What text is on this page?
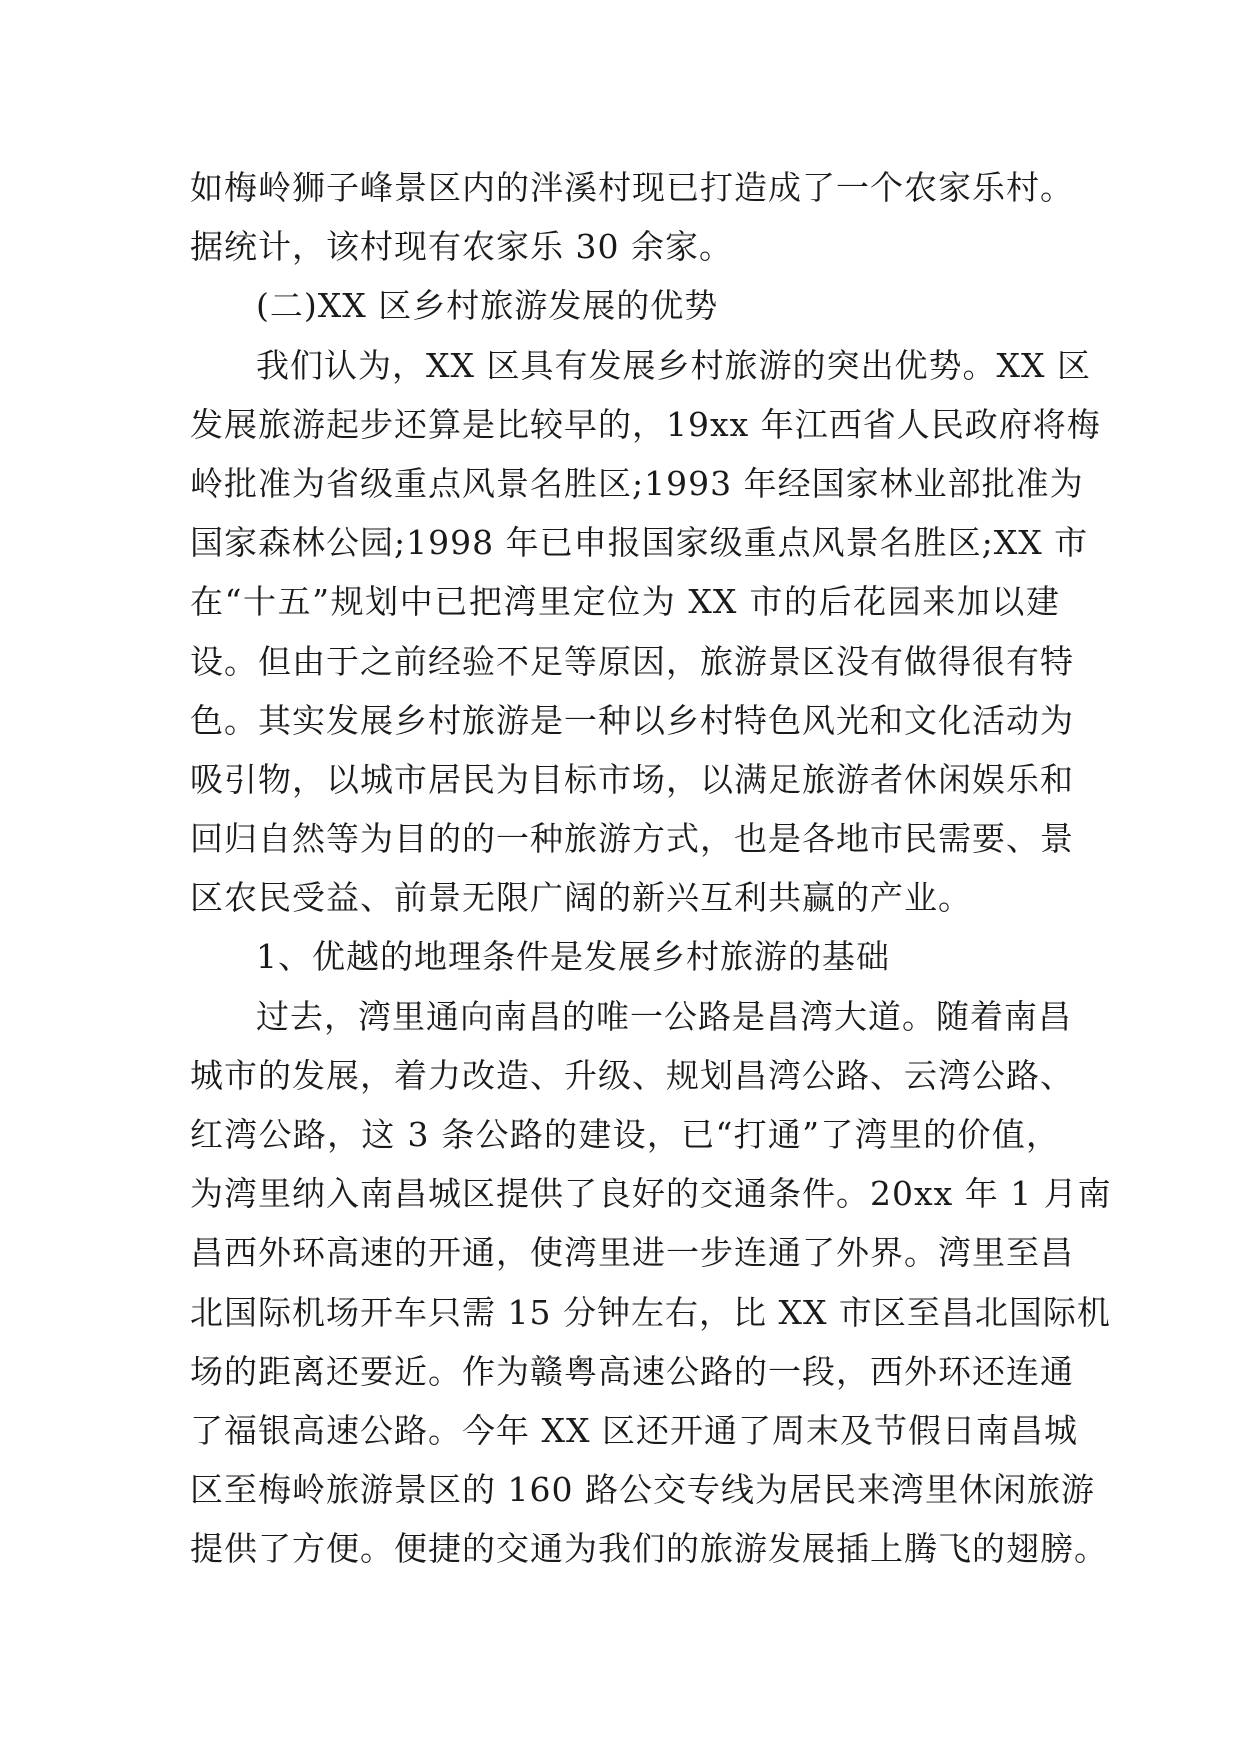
如梅岭狮子峰景区内的泮溪村现已打造成了一个农家乐村。
据统计，该村现有农家乐 30 余家。
(二)XX 区乡村旅游发展的优势
我们认为，XX 区具有发展乡村旅游的突出优势。XX 区
发展旅游起步还算是比较早的，19xx 年江西省人民政府将梅
岭批准为省级重点风景名胜区;1993 年经国家林业部批准为
国家森林公园;1998 年已申报国家级重点风景名胜区;XX 市
在“十五”规划中已把湾里定位为 XX 市的后花园来加以建
设。但由于之前经验不足等原因，旅游景区没有做得很有特
色。其实发展乡村旅游是一种以乡村特色风光和文化活动为
吸引物，以城市居民为目标市场，以满足旅游者休闲娱乐和
回归自然等为目的的一种旅游方式，也是各地市民需要、景
区农民受益、前景无限广阔的新兴互利共赢的产业。
1、优越的地理条件是发展乡村旅游的基础
过去，湾里通向南昌的唯一公路是昌湾大道。随着南昌
城市的发展，着力改造、升级、规划昌湾公路、云湾公路、
红湾公路，这 3 条公路的建设，已“打通”了湾里的价值，
为湾里纳入南昌城区提供了良好的交通条件。20xx 年 1 月南
昌西外环高速的开通，使湾里进一步连通了外界。湾里至昌
北国际机场开车只需 15 分钟左右，比 XX 市区至昌北国际机
场的距离还要近。作为赣粤高速公路的一段，西外环还连通
了福银高速公路。今年 XX 区还开通了周末及节假日南昌城
区至梅岭旅游景区的 160 路公交专线为居民来湾里休闲旅游
提供了方便。便捷的交通为我们的旅游发展插上腾飞的翅膀。
